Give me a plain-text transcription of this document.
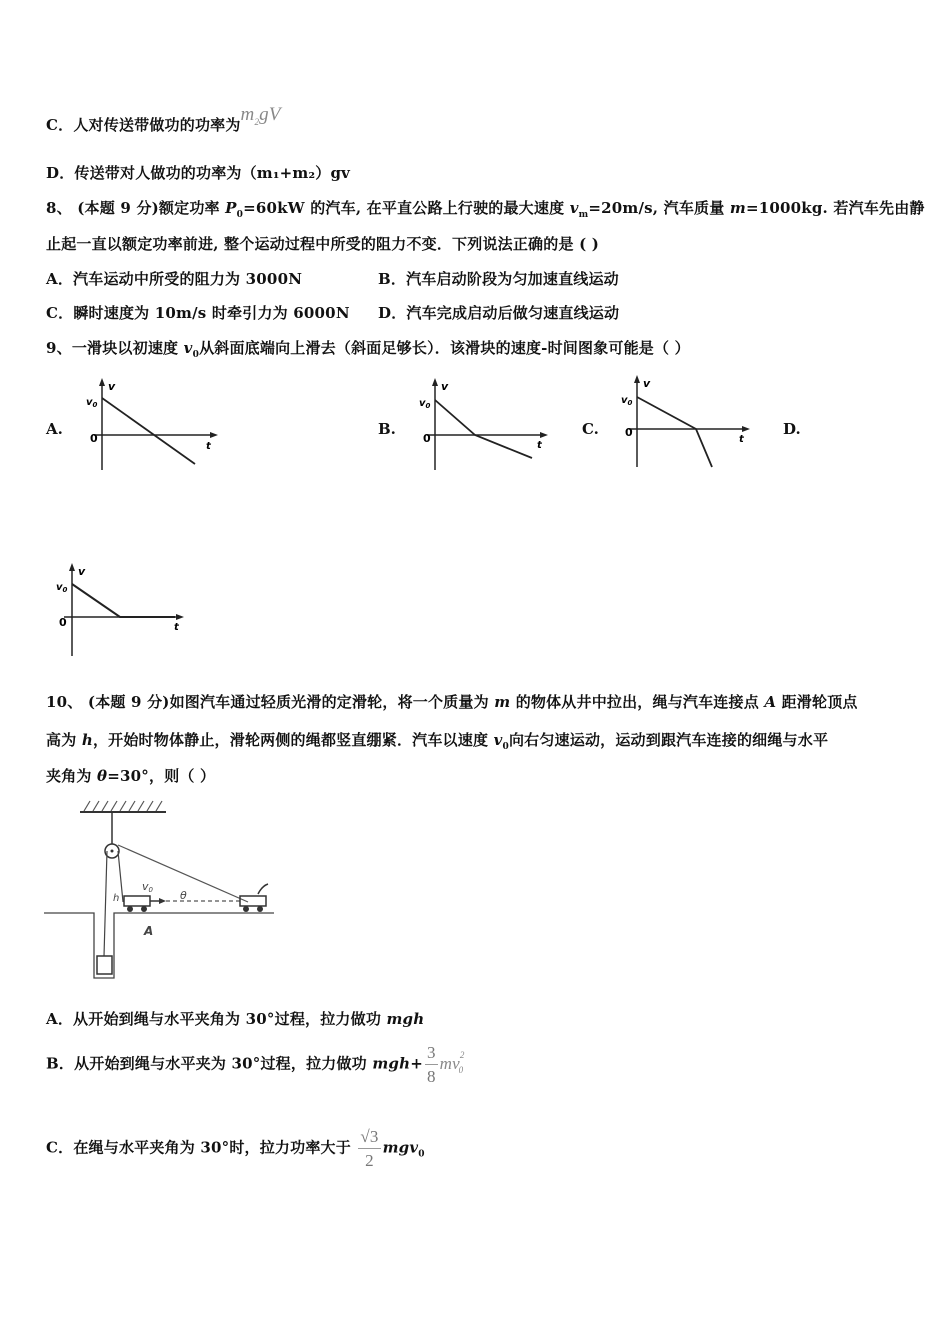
C．人对传送带做功的功率为$m_2gV$
D．传送带对人做功的功率为（m₁+m₂）gv
8、 (本题 9 分)额定功率 $P_0=60kW$ 的汽车, 在平直公路上行驶的最大速度 $v_m=20m/s$, 汽车质量 m=1000kg. 若汽车先由静
止起一直以额定功率前进, 整个运动过程中所受的阻力不变．下列说法正确的是 ( )
A．汽车运动中所受的阻力为 3000N	B．汽车启动阶段为匀加速直线运动
C．瞬时速度为 10m/s 时牵引力为 6000N D．汽车完成启动后做匀速直线运动
9、一滑块以初速度 $v_0$从斜面底端向上滑去（斜面足够长）．该滑块的速度-时间图象可能是（ ）
A.	B.	C.	D.
v
$v_0$
0
t
v
$v_0$
0
t
v
$v_0$
0
t
v
$v_0$
0	t
10、 (本题 9 分)如图汽车通过轻质光滑的定滑轮，将一个质量为 m 的物体从井中拉出，绳与汽车连接点 A 距滑轮顶点
高为 h，开始时物体静止，滑轮两侧的绳都竖直绷紧．汽车以速度 $v_0$向右匀速运动，运动到跟汽车连接的细绳与水平
夹角为 θ=30°，则（ ）
h
v0 θ
A
A．从开始到绳与水平夹角为 30°过程，拉力做功 mgh
B．从开始到绳与水平夹为 30°过程，拉力做功 $mgh+ \frac{3}{8} mv^2_0$
C．在绳与水平夹角为 30°时，拉力功率大于 $\frac{√3}{2} mgv_0$
